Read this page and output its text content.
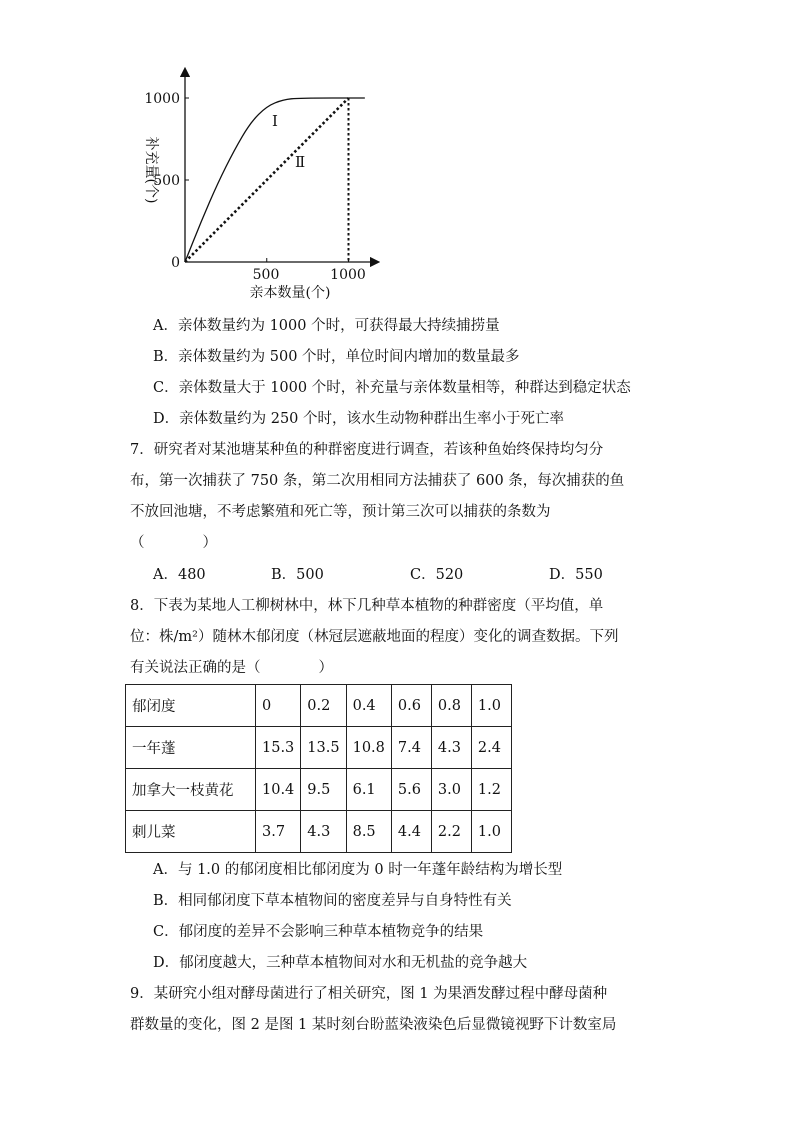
0
500
1000
500	1000
亲本数量(个)
补充量(个)
Ⅰ
Ⅱ
A．亲体数量约为 1000 个时，可获得最大持续捕捞量
B．亲体数量约为 500 个时，单位时间内增加的数量最多
C．亲体数量大于 1000 个时，补充量与亲体数量相等，种群达到稳定状态
D．亲体数量约为 250 个时，该水生动物种群出生率小于死亡率
7．研究者对某池塘某种鱼的种群密度进行调查，若该种鱼始终保持均匀分
布，第一次捕获了 750 条，第二次用相同方法捕获了 600 条，每次捕获的鱼
不放回池塘，不考虑繁殖和死亡等，预计第三次可以捕获的条数为
（　　　　）
A．480	B．500	C．520	D．550
8．下表为某地人工柳树林中，林下几种草本植物的种群密度（平均值，单
位：株/m²）随林木郁闭度（林冠层遮蔽地面的程度）变化的调查数据。下列
有关说法正确的是（　　　　）
郁闭度	0	0.2	0.4	0.6	0.8	1.0
一年蓬	15.3	13.5	10.8	7.4	4.3	2.4
加拿大一枝黄花	10.4	9.5	6.1	5.6	3.0	1.2
刺儿菜	3.7	4.3	8.5	4.4	2.2	1.0
A．与 1.0 的郁闭度相比郁闭度为 0 时一年蓬年龄结构为增长型
B．相同郁闭度下草本植物间的密度差异与自身特性有关
C．郁闭度的差异不会影响三种草本植物竞争的结果
D．郁闭度越大，三种草本植物间对水和无机盐的竞争越大
9．某研究小组对酵母菌进行了相关研究，图 1 为果酒发酵过程中酵母菌种
群数量的变化，图 2 是图 1 某时刻台盼蓝染液染色后显微镜视野下计数室局
